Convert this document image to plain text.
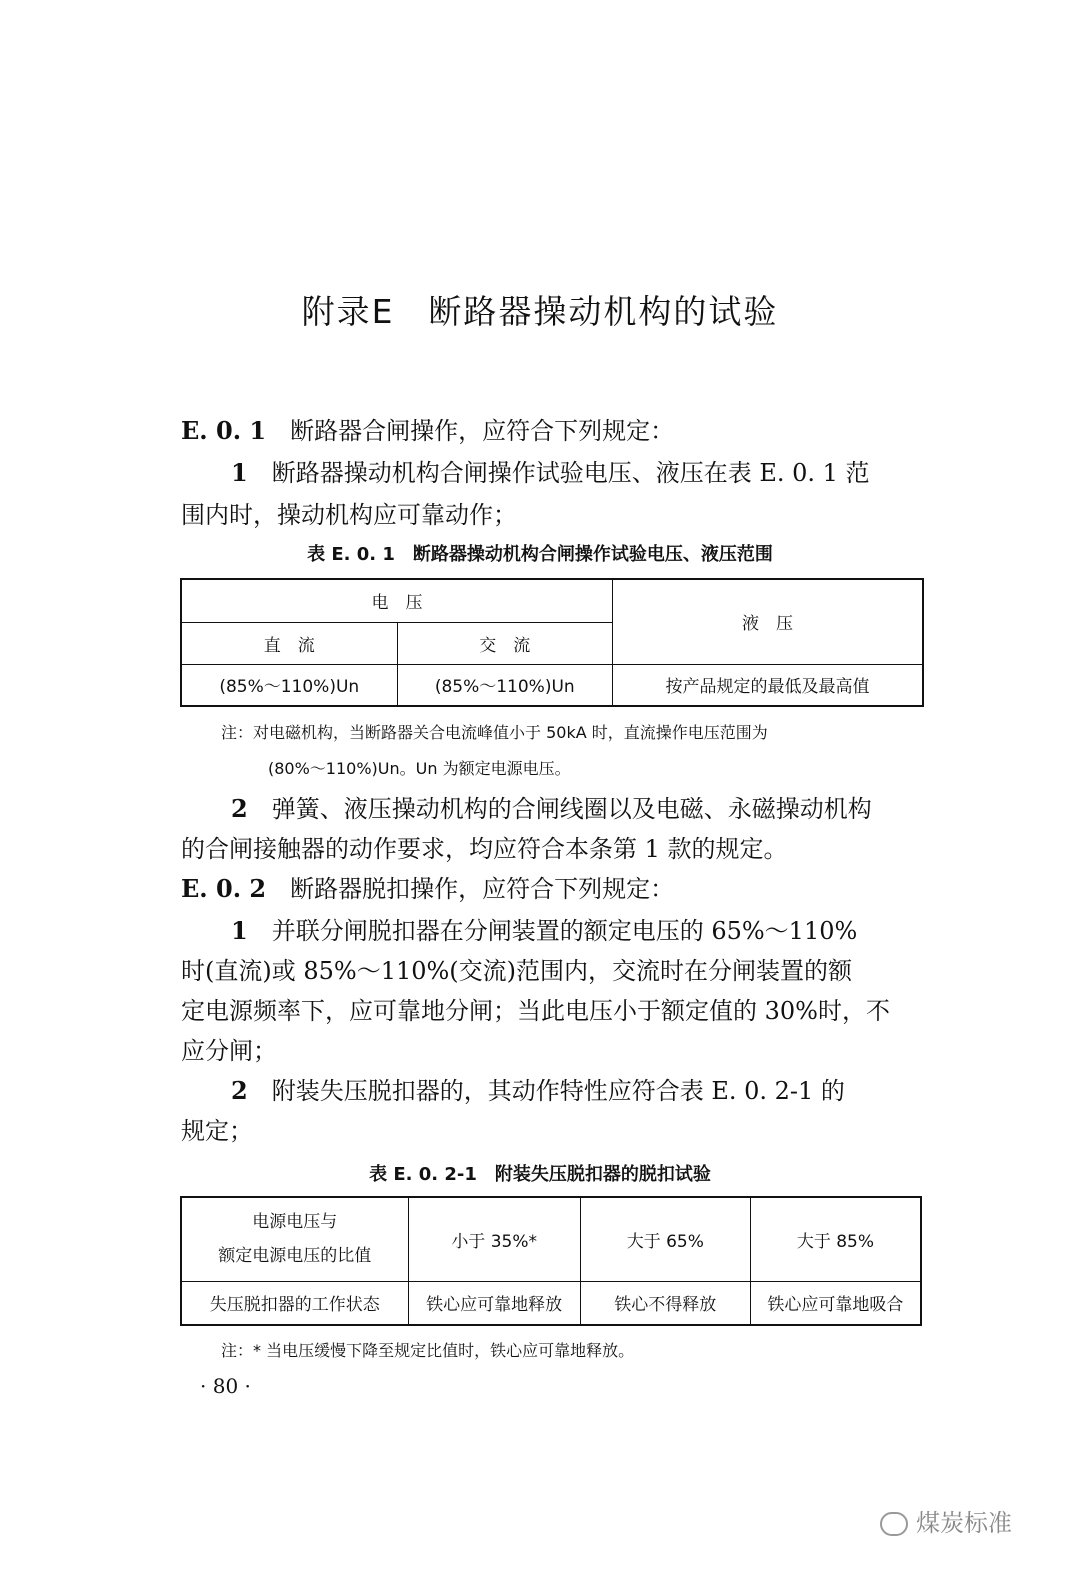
附录E 断路器操动机构的试验
E. 0. 1　 断路器合闸操作，应符合下列规定：
1　 断路器操动机构合闸操作试验电压、液压在表 E. 0. 1 范
围内时，操动机构应可靠动作；
表 E. 0. 1　断路器操动机构合闸操作试验电压、液压范围
电　压		液　压
直　流	交　流	
(85%～110%)Un	(85%～110%)Un	按产品规定的最低及最高值
注：对电磁机构，当断路器关合电流峰值小于 50kA 时，直流操作电压范围为
(80%～110%)Un。Un 为额定电源电压。
2　 弹簧、液压操动机构的合闸线圈以及电磁、永磁操动机构
的合闸接触器的动作要求，均应符合本条第 1 款的规定。
E. 0. 2　 断路器脱扣操作，应符合下列规定：
1　 并联分闸脱扣器在分闸装置的额定电压的 65%～110%
时(直流)或 85%～110%(交流)范围内，交流时在分闸装置的额
定电源频率下，应可靠地分闸；当此电压小于额定值的 30%时，不
应分闸；
2　 附装失压脱扣器的，其动作特性应符合表 E. 0. 2-1 的
规定；
表 E. 0. 2-1　附装失压脱扣器的脱扣试验
电源电压与
额定电源电压的比值	小于 35%*	大于 65%	大于 85%
失压脱扣器的工作状态	铁心应可靠地释放	铁心不得释放	铁心应可靠地吸合
注：* 当电压缓慢下降至规定比值时，铁心应可靠地释放。
· 80 ·
煤炭标准
